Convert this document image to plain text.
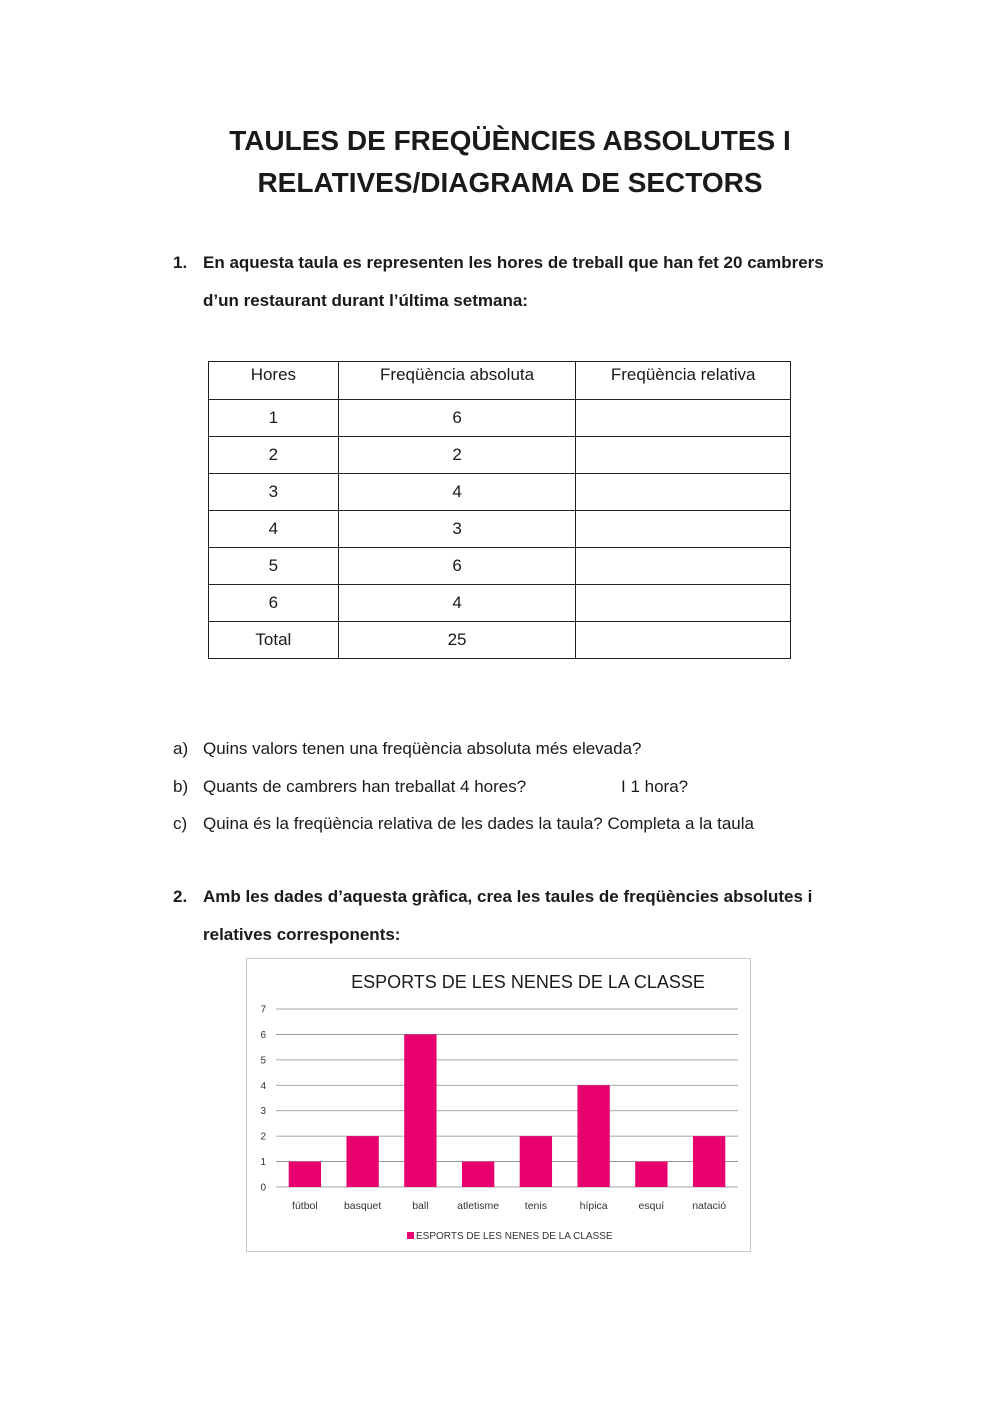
TAULES DE FREQÜÈNCIES ABSOLUTES I
RELATIVES/DIAGRAMA DE SECTORS
1. En aquesta taula es representen les hores de treball que han fet 20 cambrers
d’un restaurant durant l’última setmana:
Hores	Freqüència absoluta	Freqüència relativa
1	6	
2	2	
3	4	
4	3	
5	6	
6	4	
Total	25	
a) Quins valors tenen una freqüència absoluta més elevada?
b) Quants de cambrers han treballat 4 hores?	I 1 hora?
c) Quina és la freqüència relativa de les dades la taula? Completa a la taula
2. Amb les dades d’aquesta gràfica, crea les taules de freqüències absolutes i
relatives corresponents:
ESPORTS DE LES NENES DE LA CLASSE
0
1
2
3
4
5
6
7
fútbol basquet	ball	atletisme tenis	hípica	esquí	natació
ESPORTS DE LES NENES DE LA CLASSE
